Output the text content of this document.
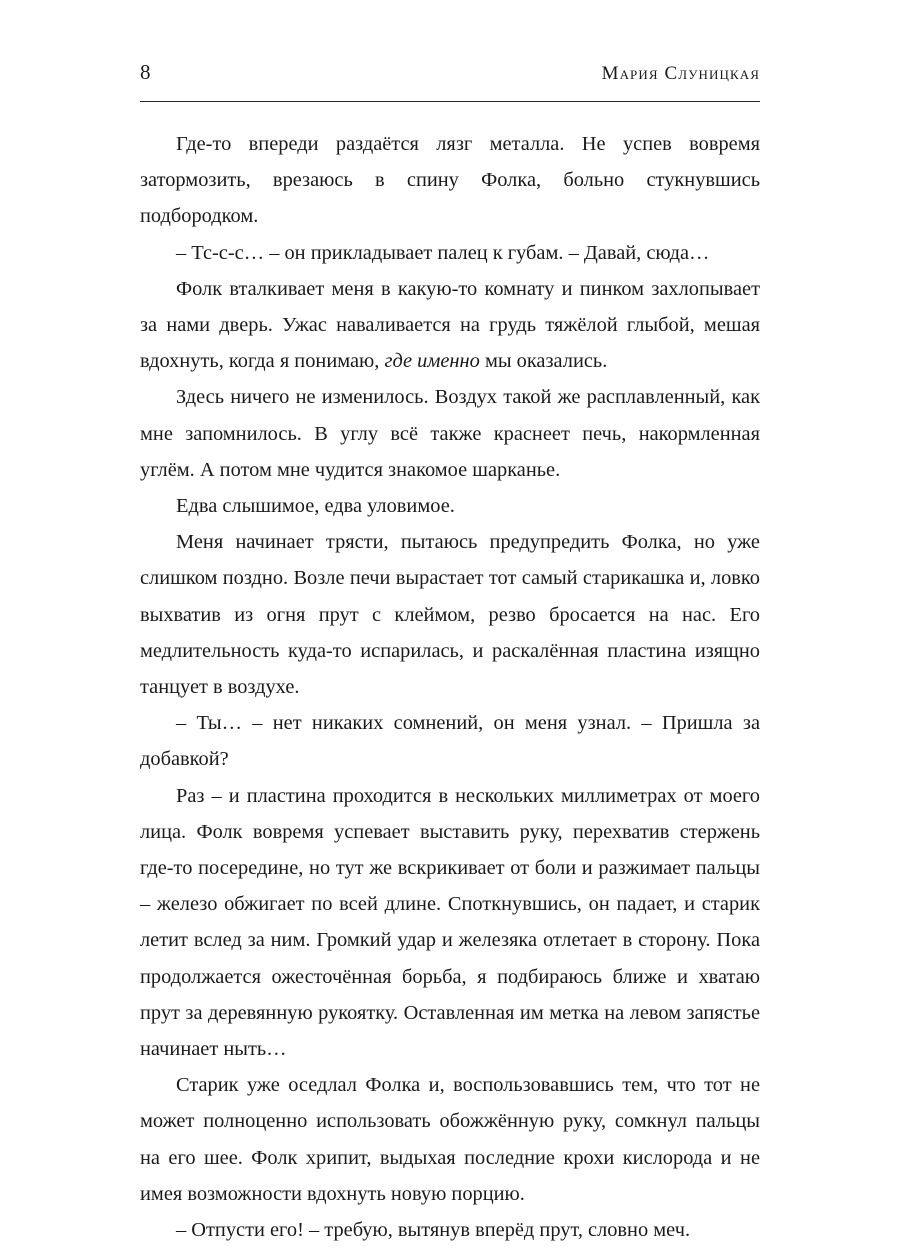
8	Мария Слуницкая

Где-то впереди раздаётся лязг металла. Не успев вовремя затормозить, врезаюсь в спину Фолка, больно стукнувшись подбородком.

– Тс-с-с… – он прикладывает палец к губам. – Давай, сюда…

Фолк вталкивает меня в какую-то комнату и пинком захлопывает за нами дверь. Ужас наваливается на грудь тяжёлой глыбой, мешая вдохнуть, когда я понимаю, где именно мы оказались.

Здесь ничего не изменилось. Воздух такой же расплавленный, как мне запомнилось. В углу всё также краснеет печь, накормленная углём. А потом мне чудится знакомое шарканье.

Едва слышимое, едва уловимое.

Меня начинает трясти, пытаюсь предупредить Фолка, но уже слишком поздно. Возле печи вырастает тот самый старикашка и, ловко выхватив из огня прут с клеймом, резво бросается на нас. Его медлительность куда-то испарилась, и раскалённая пластина изящно танцует в воздухе.

– Ты… – нет никаких сомнений, он меня узнал. – Пришла за добавкой?

Раз – и пластина проходится в нескольких миллиметрах от моего лица. Фолк вовремя успевает выставить руку, перехватив стержень где-то посередине, но тут же вскрикивает от боли и разжимает пальцы – железо обжигает по всей длине. Споткнувшись, он падает, и старик летит вслед за ним. Громкий удар и железяка отлетает в сторону. Пока продолжается ожесточённая борьба, я подбираюсь ближе и хватаю прут за деревянную рукоятку. Оставленная им метка на левом запястье начинает ныть…

Старик уже оседлал Фолка и, воспользовавшись тем, что тот не может полноценно использовать обожжённую руку, сомкнул пальцы на его шее. Фолк хрипит, выдыхая последние крохи кислорода и не имея возможности вдохнуть новую порцию.

– Отпусти его! – требую, вытянув вперёд прут, словно меч.
